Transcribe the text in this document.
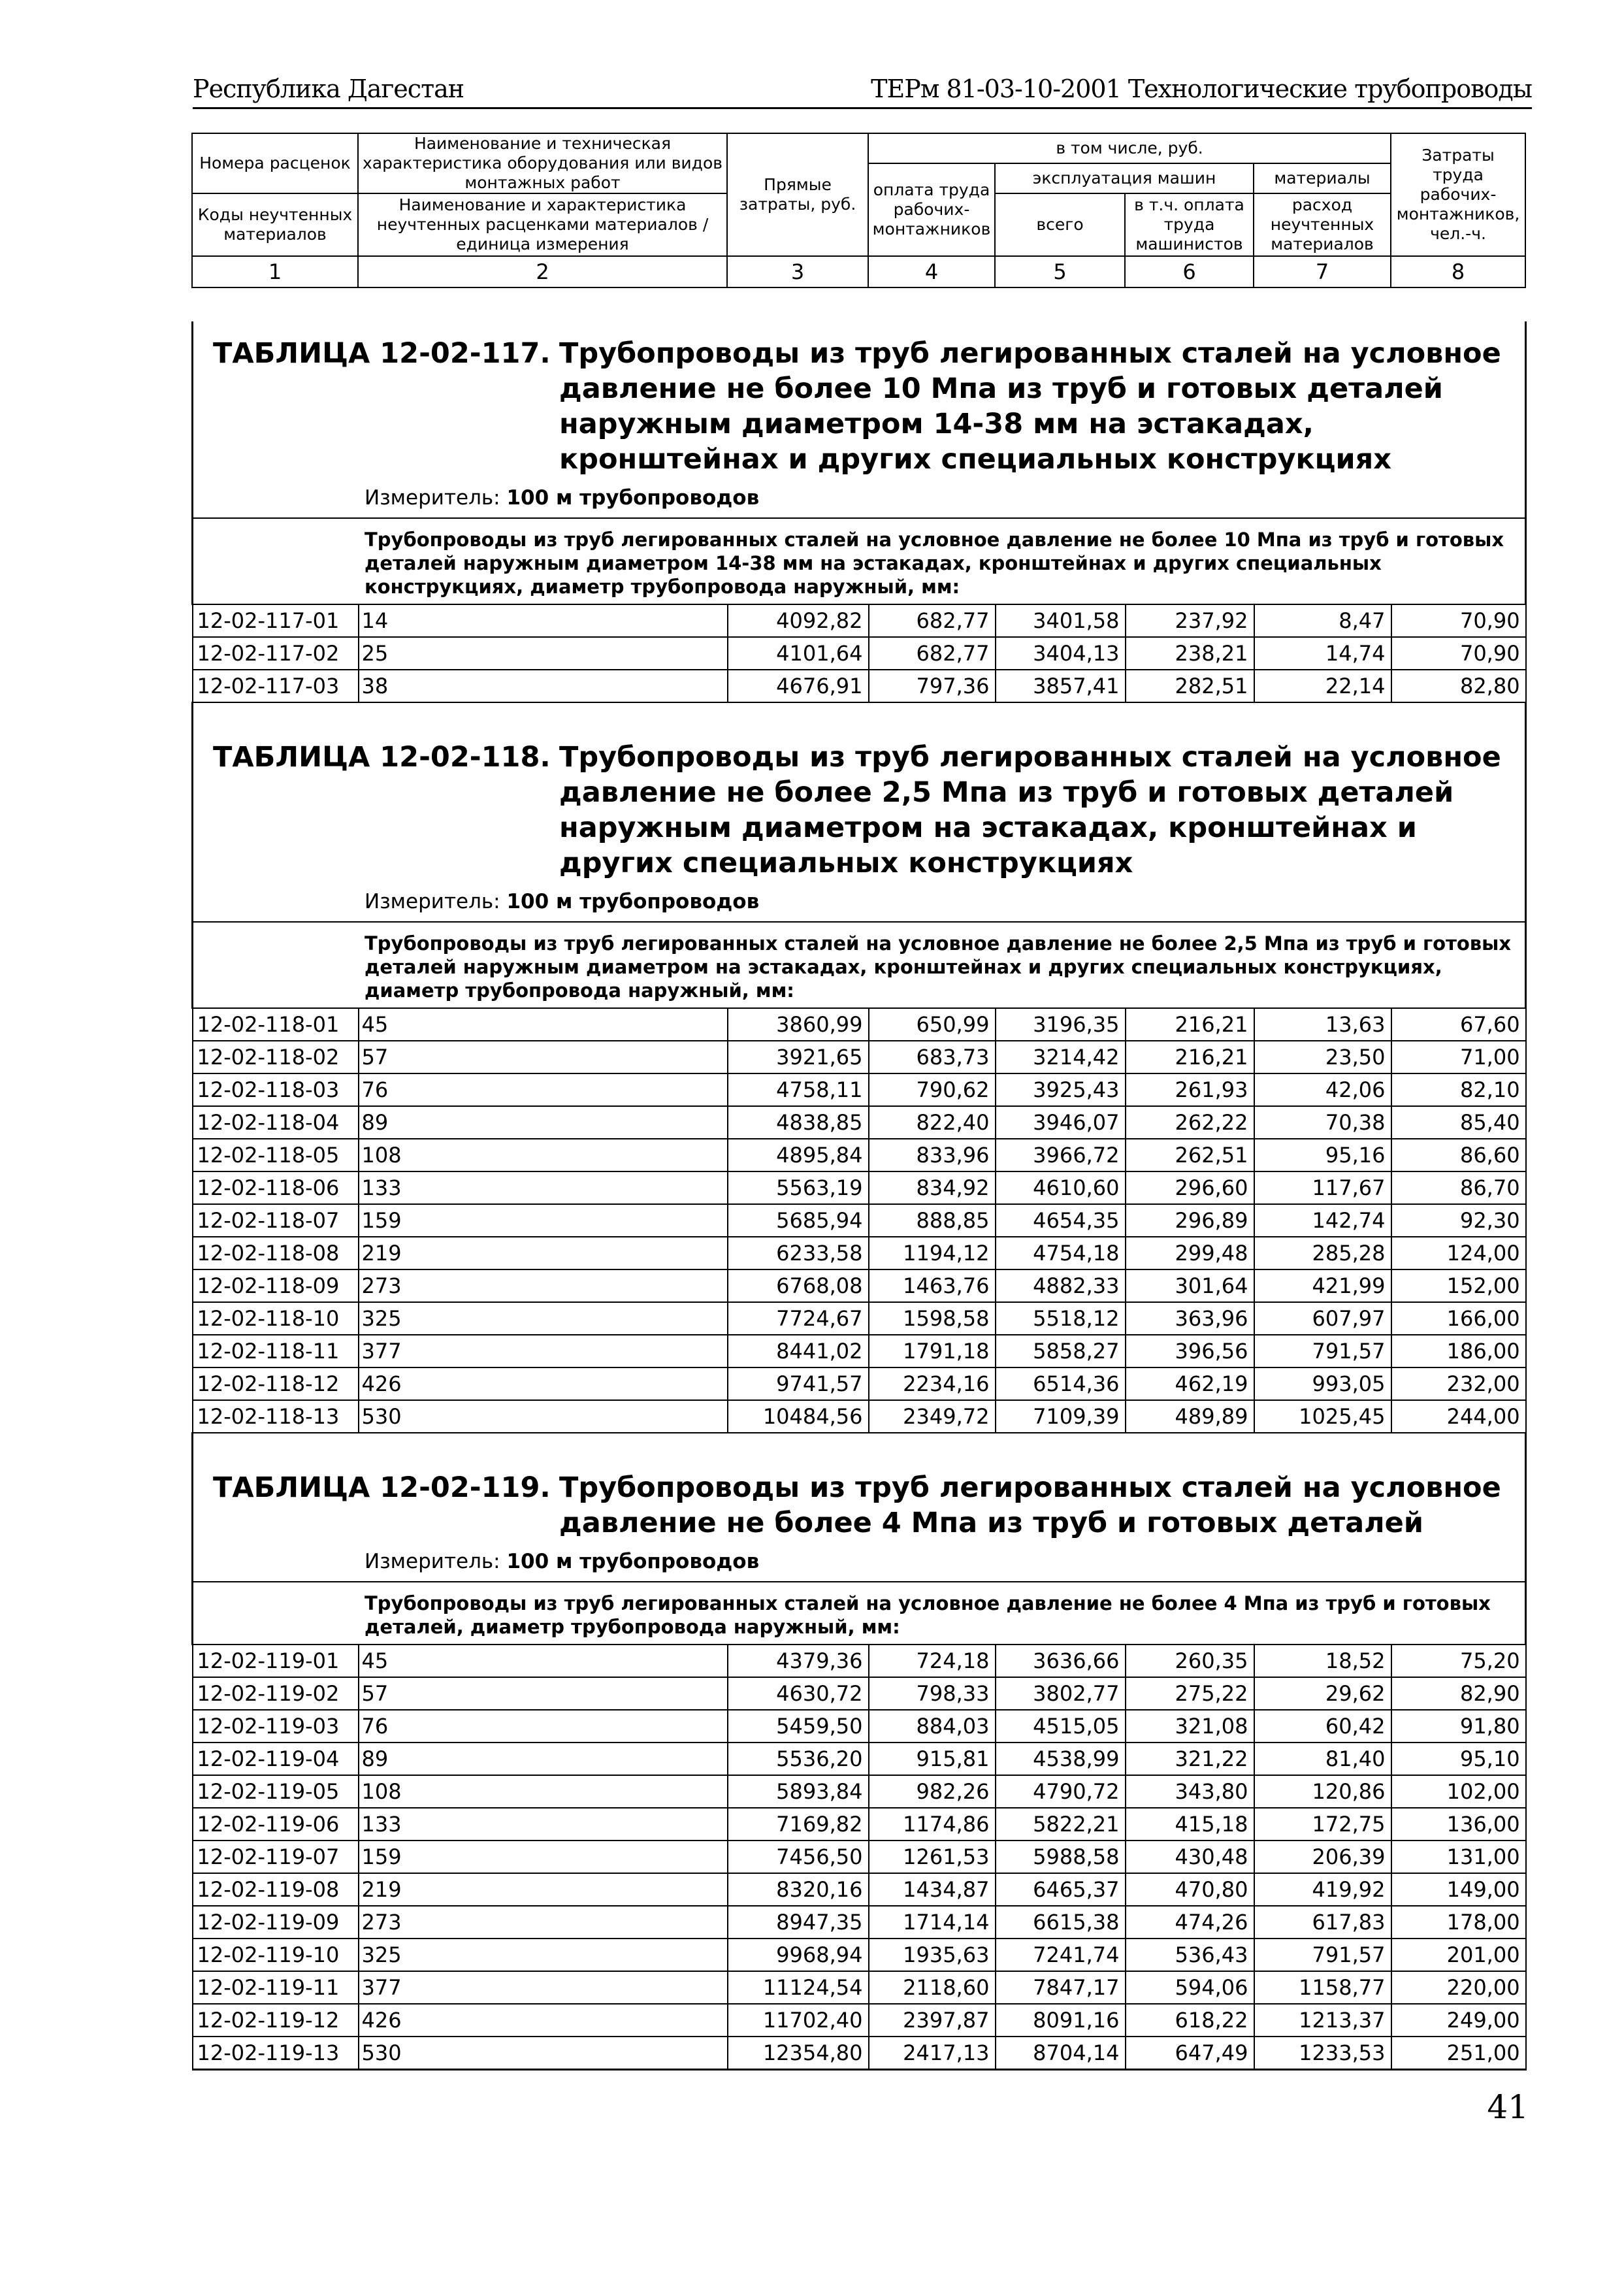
Республика Дагестан	ТЕРм 81-03-10-2001 Технологические трубопроводы
Номера расценок	Наименование и техническая характеристика оборудования или видов монтажных работ	Прямые затраты, руб.	в том числе, руб.				Затраты труда рабочих-монтажников, чел.-ч.
			оплата труда рабочих-монтажников	эксплуатация машин		материалы	
Коды неучтенных материалов	Наименование и характеристика неучтенных расценками материалов / единица измерения			всего	в т.ч. оплата труда машинистов	расход неучтенных материалов	

1	2	3	4	5	6	7	8
ТАБЛИЦА 12-02-117. Трубопроводы из труб легированных сталей на условное давление не более 10 Мпа из труб и готовых деталей наружным диаметром 14-38 мм на эстакадах, кронштейнах и других специальных конструкциях
Измеритель: 100 м трубопроводов
Трубопроводы из труб легированных сталей на условное давление не более 10 Мпа из труб и готовых деталей наружным диаметром 14-38 мм на эстакадах, кронштейнах и других специальных конструкциях, диаметр трубопровода наружный, мм:							

12-02-117-01	14	4092,82	682,77	3401,58	237,92	8,47	70,90
12-02-117-02	25	4101,64	682,77	3404,13	238,21	14,74	70,90
12-02-117-03	38	4676,91	797,36	3857,41	282,51	22,14	82,80

ТАБЛИЦА 12-02-118. Трубопроводы из труб легированных сталей на условное давление не более 2,5 Мпа из труб и готовых деталей наружным диаметром на эстакадах, кронштейнах и других специальных конструкциях
Измеритель: 100 м трубопроводов
Трубопроводы из труб легированных сталей на условное давление не более 2,5 Мпа из труб и готовых деталей наружным диаметром на эстакадах, кронштейнах и других специальных конструкциях, диаметр трубопровода наружный, мм:							

12-02-118-01	45	3860,99	650,99	3196,35	216,21	13,63	67,60
12-02-118-02	57	3921,65	683,73	3214,42	216,21	23,50	71,00
12-02-118-03	76	4758,11	790,62	3925,43	261,93	42,06	82,10
12-02-118-04	89	4838,85	822,40	3946,07	262,22	70,38	85,40
12-02-118-05	108	4895,84	833,96	3966,72	262,51	95,16	86,60
12-02-118-06	133	5563,19	834,92	4610,60	296,60	117,67	86,70
12-02-118-07	159	5685,94	888,85	4654,35	296,89	142,74	92,30
12-02-118-08	219	6233,58	1194,12	4754,18	299,48	285,28	124,00
12-02-118-09	273	6768,08	1463,76	4882,33	301,64	421,99	152,00
12-02-118-10	325	7724,67	1598,58	5518,12	363,96	607,97	166,00
12-02-118-11	377	8441,02	1791,18	5858,27	396,56	791,57	186,00
12-02-118-12	426	9741,57	2234,16	6514,36	462,19	993,05	232,00
12-02-118-13	530	10484,56	2349,72	7109,39	489,89	1025,45	244,00

ТАБЛИЦА 12-02-119. Трубопроводы из труб легированных сталей на условное давление не более 4 Мпа из труб и готовых деталей
Измеритель: 100 м трубопроводов
Трубопроводы из труб легированных сталей на условное давление не более 4 Мпа из труб и готовых деталей, диаметр трубопровода наружный, мм:							

12-02-119-01	45	4379,36	724,18	3636,66	260,35	18,52	75,20
12-02-119-02	57	4630,72	798,33	3802,77	275,22	29,62	82,90
12-02-119-03	76	5459,50	884,03	4515,05	321,08	60,42	91,80
12-02-119-04	89	5536,20	915,81	4538,99	321,22	81,40	95,10
12-02-119-05	108	5893,84	982,26	4790,72	343,80	120,86	102,00
12-02-119-06	133	7169,82	1174,86	5822,21	415,18	172,75	136,00
12-02-119-07	159	7456,50	1261,53	5988,58	430,48	206,39	131,00
12-02-119-08	219	8320,16	1434,87	6465,37	470,80	419,92	149,00
12-02-119-09	273	8947,35	1714,14	6615,38	474,26	617,83	178,00
12-02-119-10	325	9968,94	1935,63	7241,74	536,43	791,57	201,00
12-02-119-11	377	11124,54	2118,60	7847,17	594,06	1158,77	220,00
12-02-119-12	426	11702,40	2397,87	8091,16	618,22	1213,37	249,00
12-02-119-13	530	12354,80	2417,13	8704,14	647,49	1233,53	251,00
41
